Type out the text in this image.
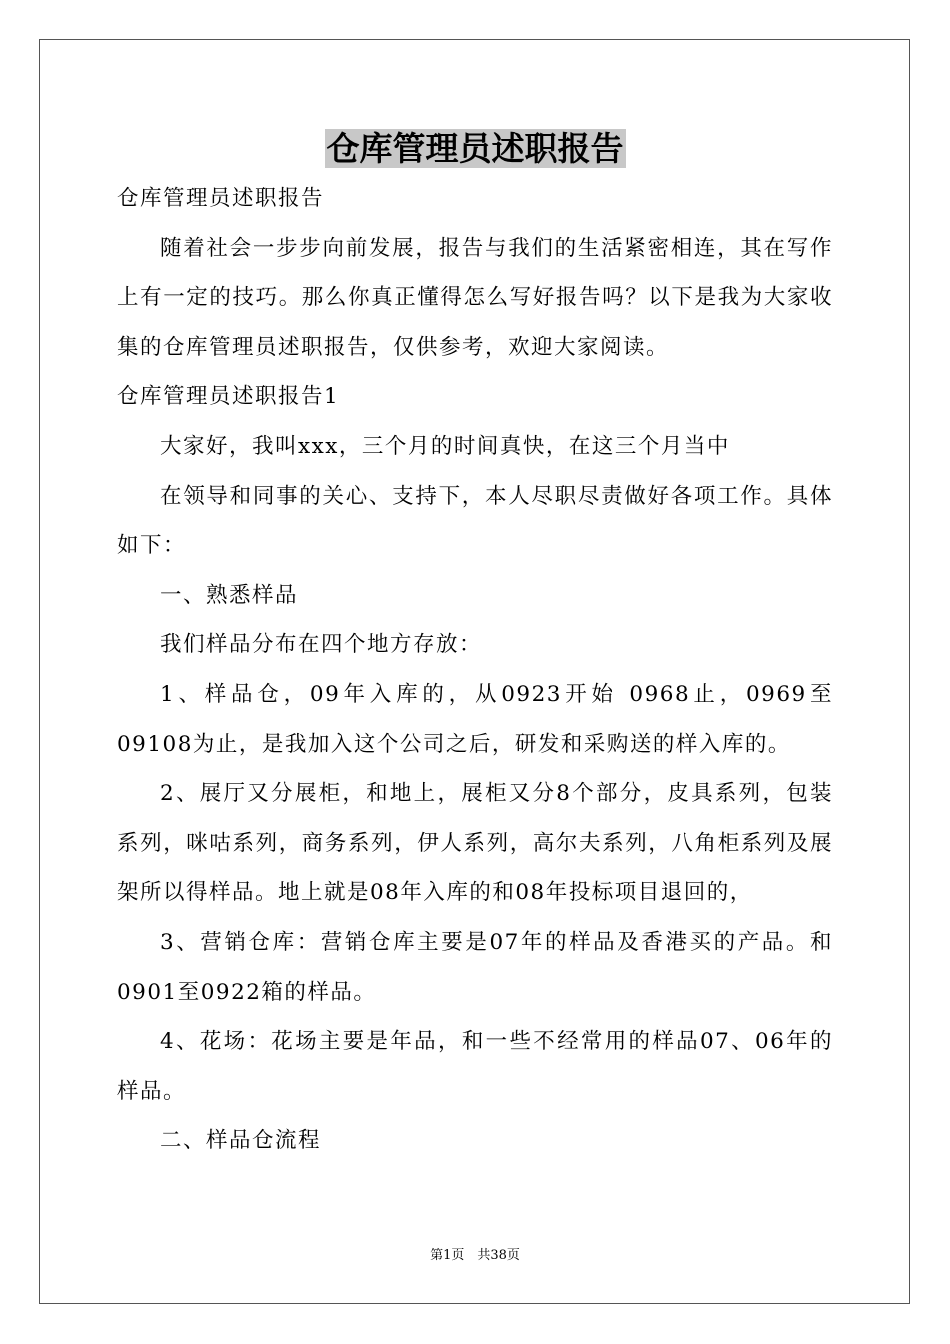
仓库管理员述职报告

仓库管理员述职报告

随着社会一步步向前发展，报告与我们的生活紧密相连，其在写作上有一定的技巧。那么你真正懂得怎么写好报告吗？以下是我为大家收集的仓库管理员述职报告，仅供参考，欢迎大家阅读。

仓库管理员述职报告1

大家好，我叫xxx，三个月的时间真快，在这三个月当中

在领导和同事的关心、支持下，本人尽职尽责做好各项工作。具体如下：

一、熟悉样品

我们样品分布在四个地方存放：

1、样品仓，09年入库的，从0923开始 0968止，0969至09108为止，是我加入这个公司之后，研发和采购送的样入库的。

2、展厅又分展柜，和地上，展柜又分8个部分，皮具系列，包装系列，咪咕系列，商务系列，伊人系列，高尔夫系列，八角柜系列及展架所以得样品。地上就是08年入库的和08年投标项目退回的，

3、营销仓库：营销仓库主要是07年的样品及香港买的产品。和0901至0922箱的样品。

4、花场：花场主要是年品，和一些不经常用的样品07、06年的样品。

二、样品仓流程

第1页　共38页
